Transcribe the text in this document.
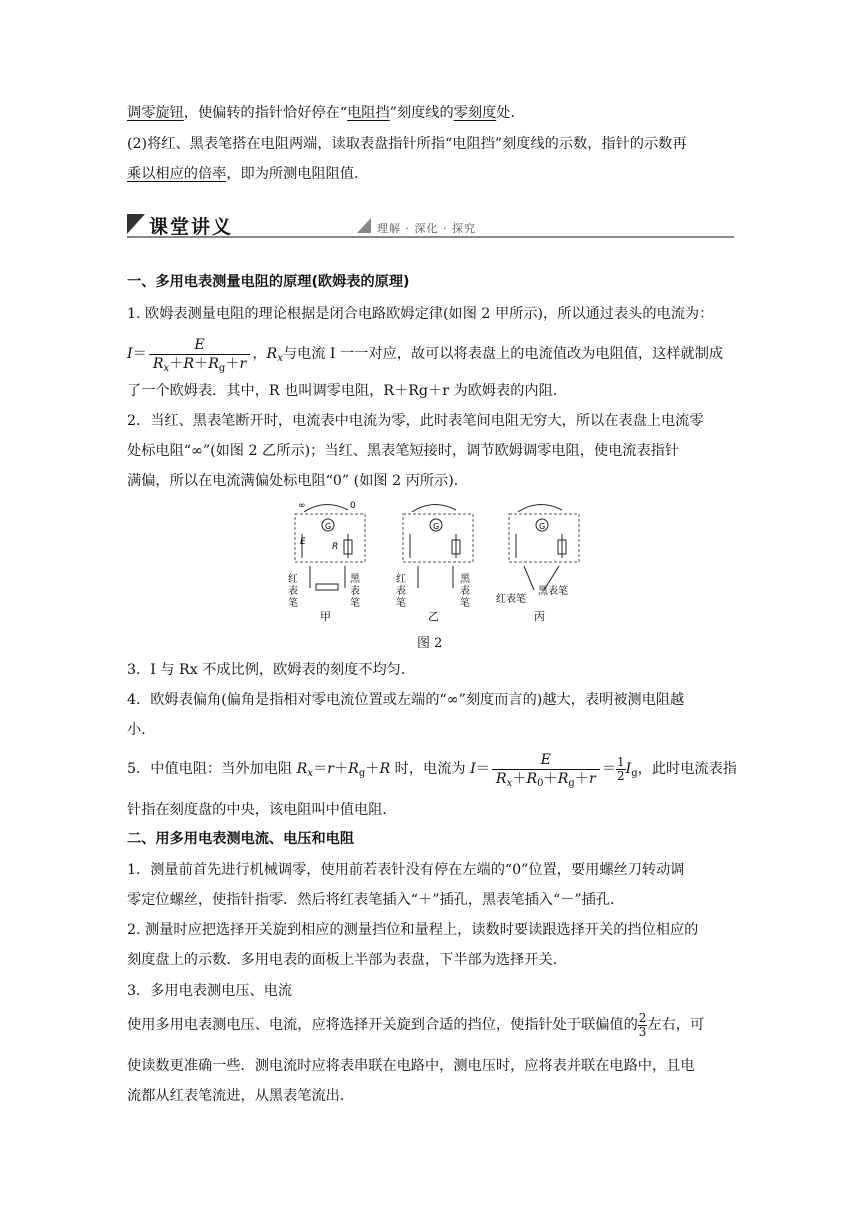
调零旋钮，使偏转的指针恰好停在“电阻挡”刻度线的零刻度处.
(2)将红、黑表笔搭在电阻两端，读取表盘指针所指“电阻挡”刻度线的示数，指针的示数再
乘以相应的倍率，即为所测电阻阻值.
课堂讲义	理解 · 深化 · 探究
一、多用电表测量电阻的原理(欧姆表的原理)
1. 欧姆表测量电阻的理论根据是闭合电路欧姆定律(如图 2 甲所示)，所以通过表头的电流为：
$I= \frac{E}{R_x+R+R_g+r}$ ，$R_x$与电流 I 一一对应，故可以将表盘上的电流值改为电阻值，这样就制成
了一个欧姆表．其中，R 也叫调零电阻，R＋Rg＋r 为欧姆表的内阻．
2．当红、黑表笔断开时，电流表中电流为零，此时表笔间电阻无穷大，所以在表盘上电流零
处标电阻“∞”(如图 2 乙所示)；当红、黑表笔短接时，调节欧姆调零电阻，使电流表指针
满偏，所以在电流满偏处标电阻“0” (如图 2 丙所示)．
∞	0
G
E	R
红
表
笔
黑
表
笔
甲
G
红
表
笔
黑
表
笔
乙
G
红表笔
黑表笔
丙
图 2
3．I 与 Rx 不成比例，欧姆表的刻度不均匀．
4．欧姆表偏角(偏角是指相对零电流位置或左端的“∞”刻度而言的)越大，表明被测电阻越
小．
5．中值电阻：当外加电阻 $R_x=r+R_g+R$ 时，电流为 $I= \frac{E}{R_x+R_0+R_g+r} = \frac{1}{2} I_g$，此时电流表指
针指在刻度盘的中央，该电阻叫中值电阻．
二、用多用电表测电流、电压和电阻
1．测量前首先进行机械调零，使用前若表针没有停在左端的“0”位置，要用螺丝刀转动调
零定位螺丝，使指针指零．然后将红表笔插入“＋”插孔，黑表笔插入“－”插孔．
2. 测量时应把选择开关旋到相应的测量挡位和量程上，读数时要读跟选择开关的挡位相应的
刻度盘上的示数．多用电表的面板上半部为表盘，下半部为选择开关.
3．多用电表测电压、电流
使用多用电表测电压、电流，应将选择开关旋到合适的挡位，使指针处于联偏值的 $\frac{2}{3}$ 左右，可
使读数更准确一些．测电流时应将表串联在电路中，测电压时，应将表并联在电路中，且电
流都从红表笔流进，从黑表笔流出.
